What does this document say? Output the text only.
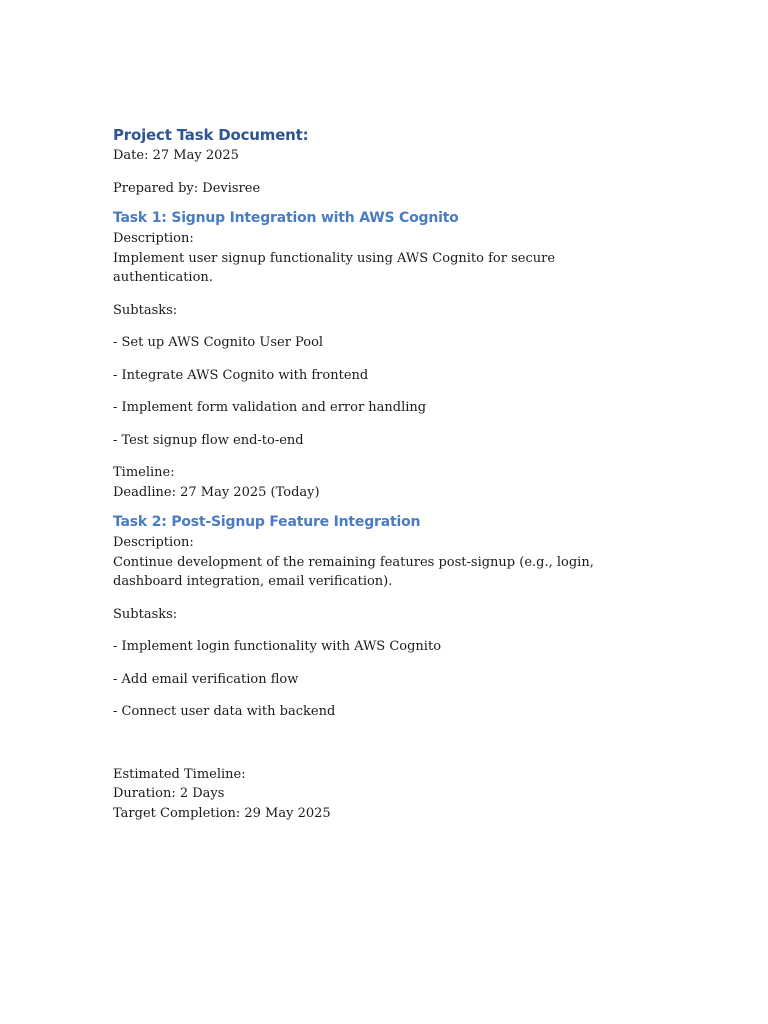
Project Task Document:
Date: 27 May 2025
Prepared by: Devisree
Task 1: Signup Integration with AWS Cognito
Description:
Implement user signup functionality using AWS Cognito for secure authentication.
Subtasks:
- Set up AWS Cognito User Pool
- Integrate AWS Cognito with frontend
- Implement form validation and error handling
- Test signup flow end-to-end
Timeline:
Deadline: 27 May 2025 (Today)
Task 2: Post-Signup Feature Integration
Description:
Continue development of the remaining features post-signup (e.g., login, dashboard integration, email verification).
Subtasks:
- Implement login functionality with AWS Cognito
- Add email verification flow
- Connect user data with backend
Estimated Timeline:
Duration: 2 Days
Target Completion: 29 May 2025
